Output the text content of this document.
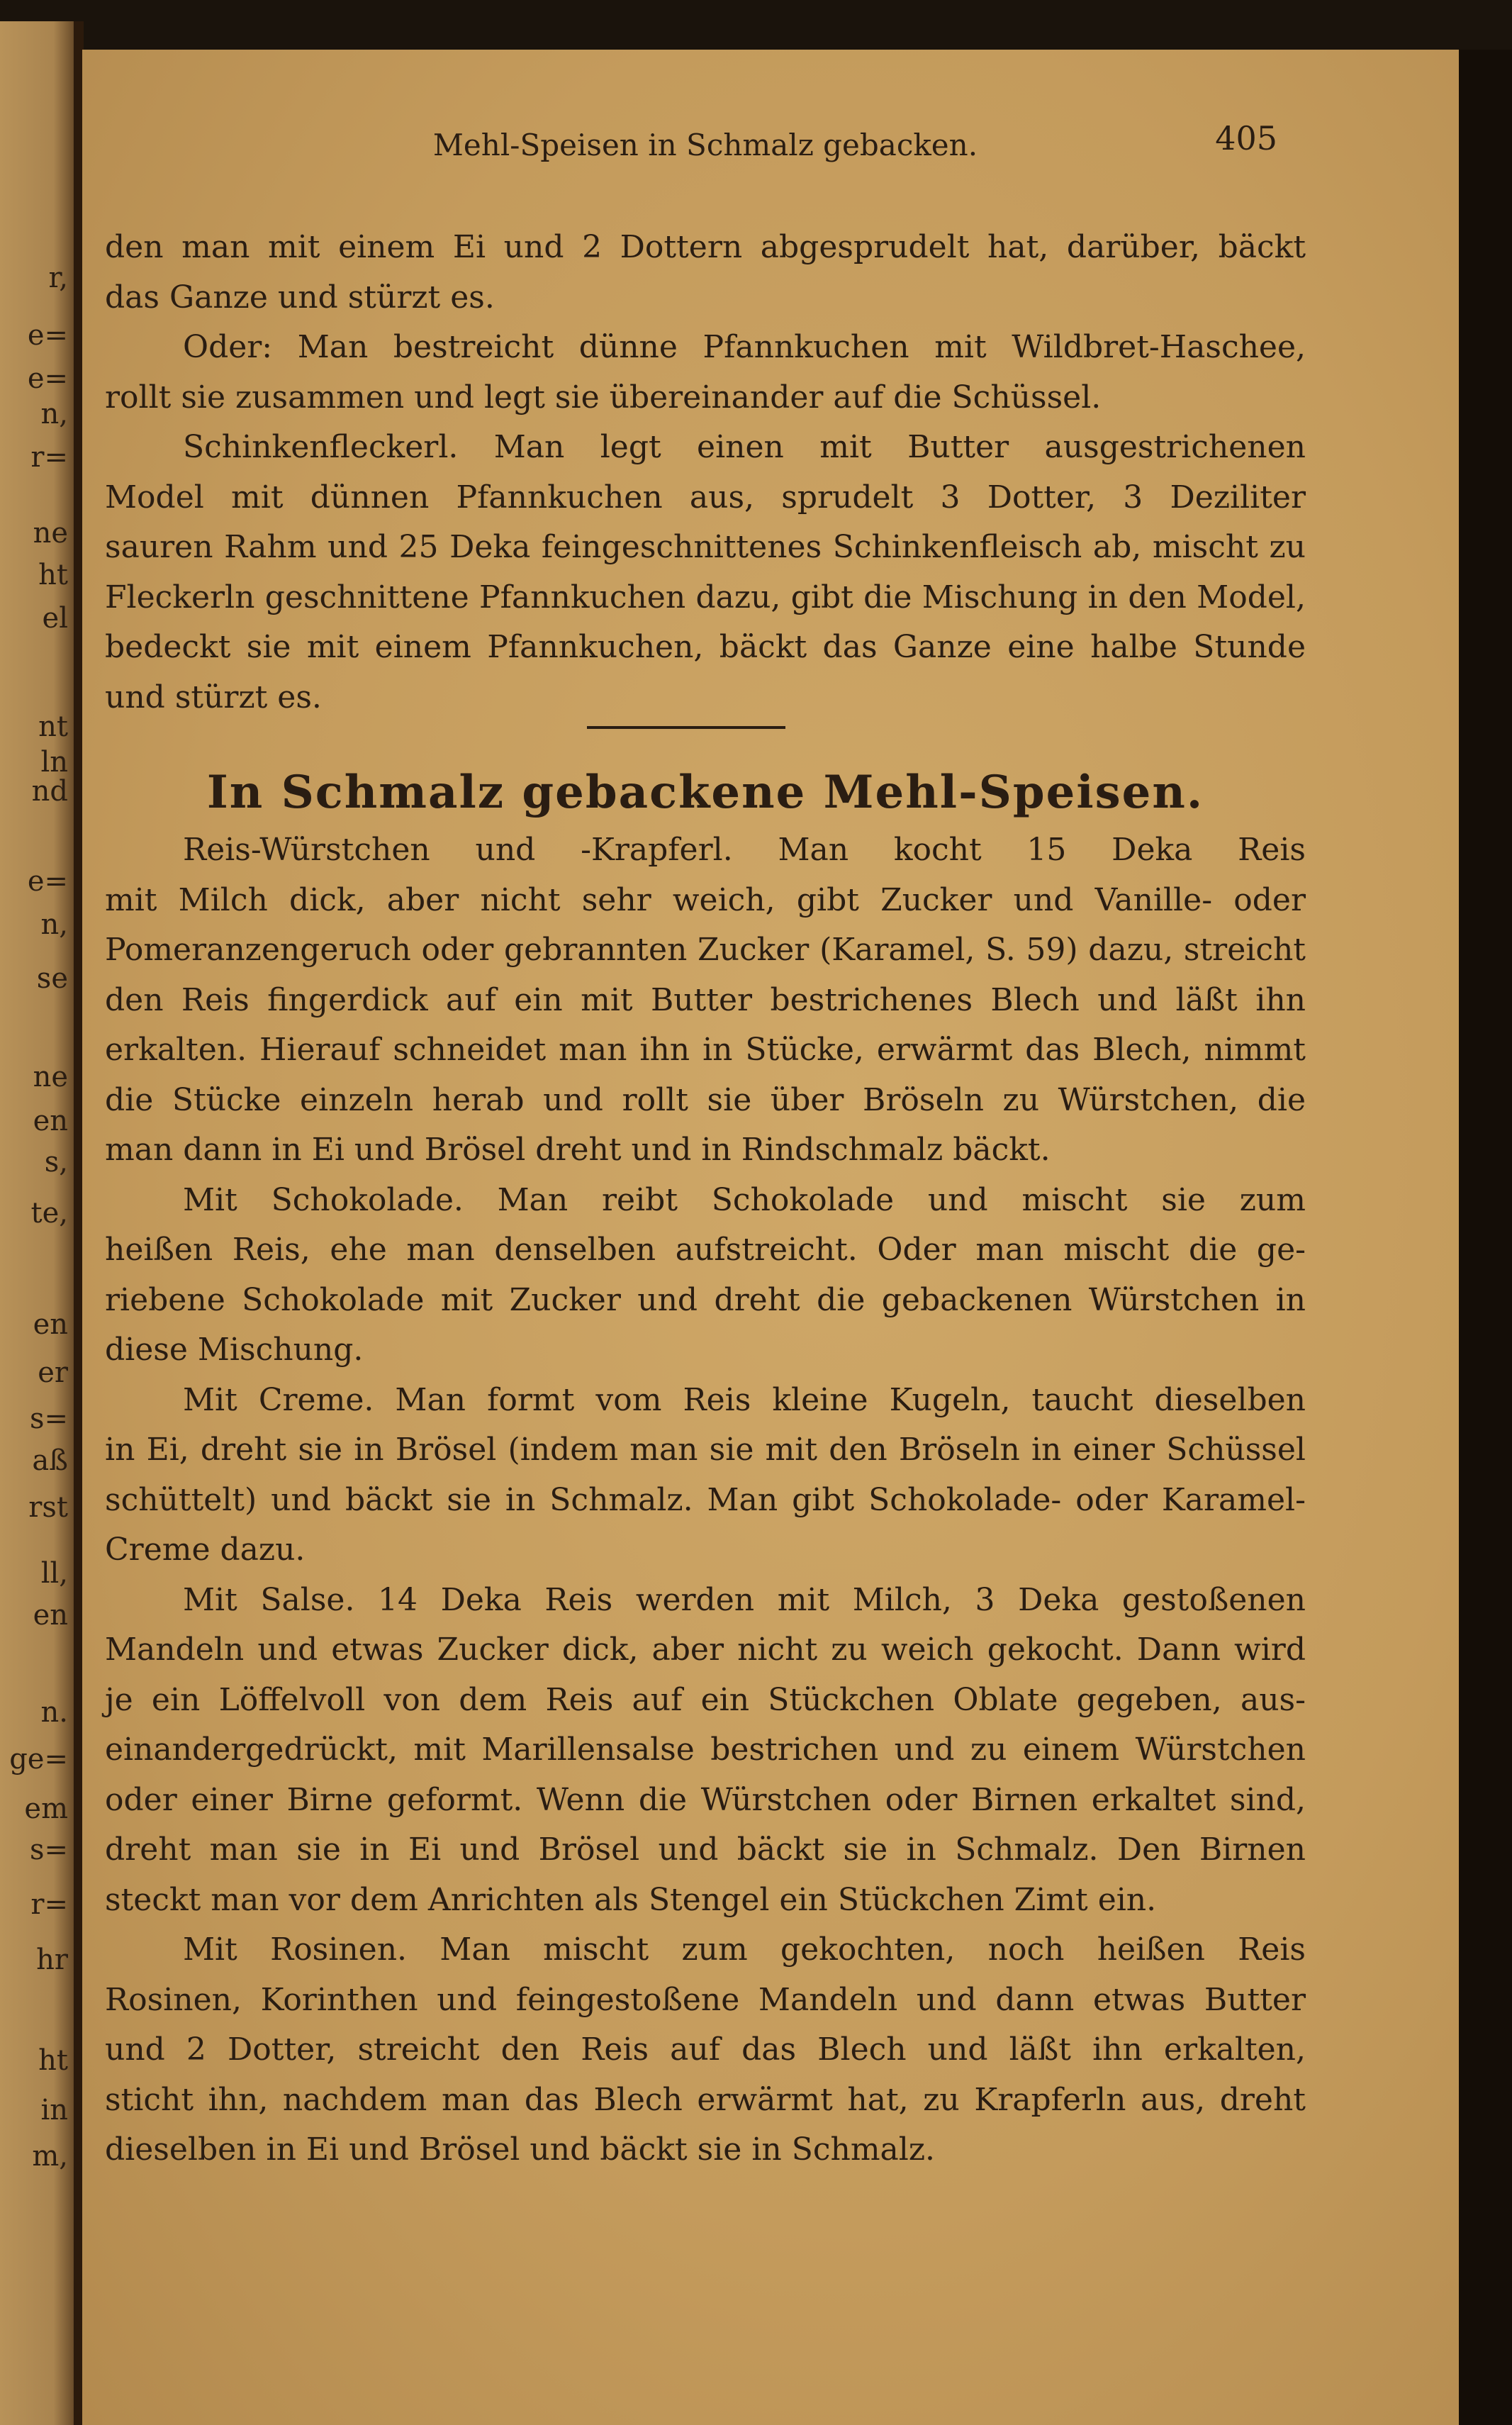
r,
e=
e=
n,
r=
ne
ht
el
nt
ln
nd
e=
n,
se
ne
en
s,
te,
en
er
s=
aß
rst
ll,
en
n.
ge=
em
s=
r=
hr
ht
in
m,
Mehl-Speisen in Schmalz gebacken.	405
den man mit einem Ei und 2 Dottern abgesprudelt hat, darüber, bäckt
das Ganze und stürzt es.
Oder: Man bestreicht dünne Pfannkuchen mit Wildbret-Haschee,
rollt sie zusammen und legt sie übereinander auf die Schüssel.
Schinkenfleckerl. Man legt einen mit Butter ausgestrichenen
Model mit dünnen Pfannkuchen aus, sprudelt 3 Dotter, 3 Deziliter
sauren Rahm und 25 Deka feingeschnittenes Schinkenfleisch ab, mischt zu
Fleckerln geschnittene Pfannkuchen dazu, gibt die Mischung in den Model,
bedeckt sie mit einem Pfannkuchen, bäckt das Ganze eine halbe Stunde
und stürzt es.
In Schmalz gebackene Mehl-Speisen.
Reis-Würstchen und -Krapferl. Man kocht 15 Deka Reis
mit Milch dick, aber nicht sehr weich, gibt Zucker und Vanille- oder
Pomeranzengeruch oder gebrannten Zucker (Karamel, S. 59) dazu, streicht
den Reis fingerdick auf ein mit Butter bestrichenes Blech und läßt ihn
erkalten. Hierauf schneidet man ihn in Stücke, erwärmt das Blech, nimmt
die Stücke einzeln herab und rollt sie über Bröseln zu Würstchen, die
man dann in Ei und Brösel dreht und in Rindschmalz bäckt.
Mit Schokolade. Man reibt Schokolade und mischt sie zum
heißen Reis, ehe man denselben aufstreicht. Oder man mischt die ge-
riebene Schokolade mit Zucker und dreht die gebackenen Würstchen in
diese Mischung.
Mit Creme. Man formt vom Reis kleine Kugeln, taucht dieselben
in Ei, dreht sie in Brösel (indem man sie mit den Bröseln in einer Schüssel
schüttelt) und bäckt sie in Schmalz. Man gibt Schokolade- oder Karamel-
Creme dazu.
Mit Salse. 14 Deka Reis werden mit Milch, 3 Deka gestoßenen
Mandeln und etwas Zucker dick, aber nicht zu weich gekocht. Dann wird
je ein Löffelvoll von dem Reis auf ein Stückchen Oblate gegeben, aus-
einandergedrückt, mit Marillensalse bestrichen und zu einem Würstchen
oder einer Birne geformt. Wenn die Würstchen oder Birnen erkaltet sind,
dreht man sie in Ei und Brösel und bäckt sie in Schmalz. Den Birnen
steckt man vor dem Anrichten als Stengel ein Stückchen Zimt ein.
Mit Rosinen. Man mischt zum gekochten, noch heißen Reis
Rosinen, Korinthen und feingestoßene Mandeln und dann etwas Butter
und 2 Dotter, streicht den Reis auf das Blech und läßt ihn erkalten,
sticht ihn, nachdem man das Blech erwärmt hat, zu Krapferln aus, dreht
dieselben in Ei und Brösel und bäckt sie in Schmalz.
